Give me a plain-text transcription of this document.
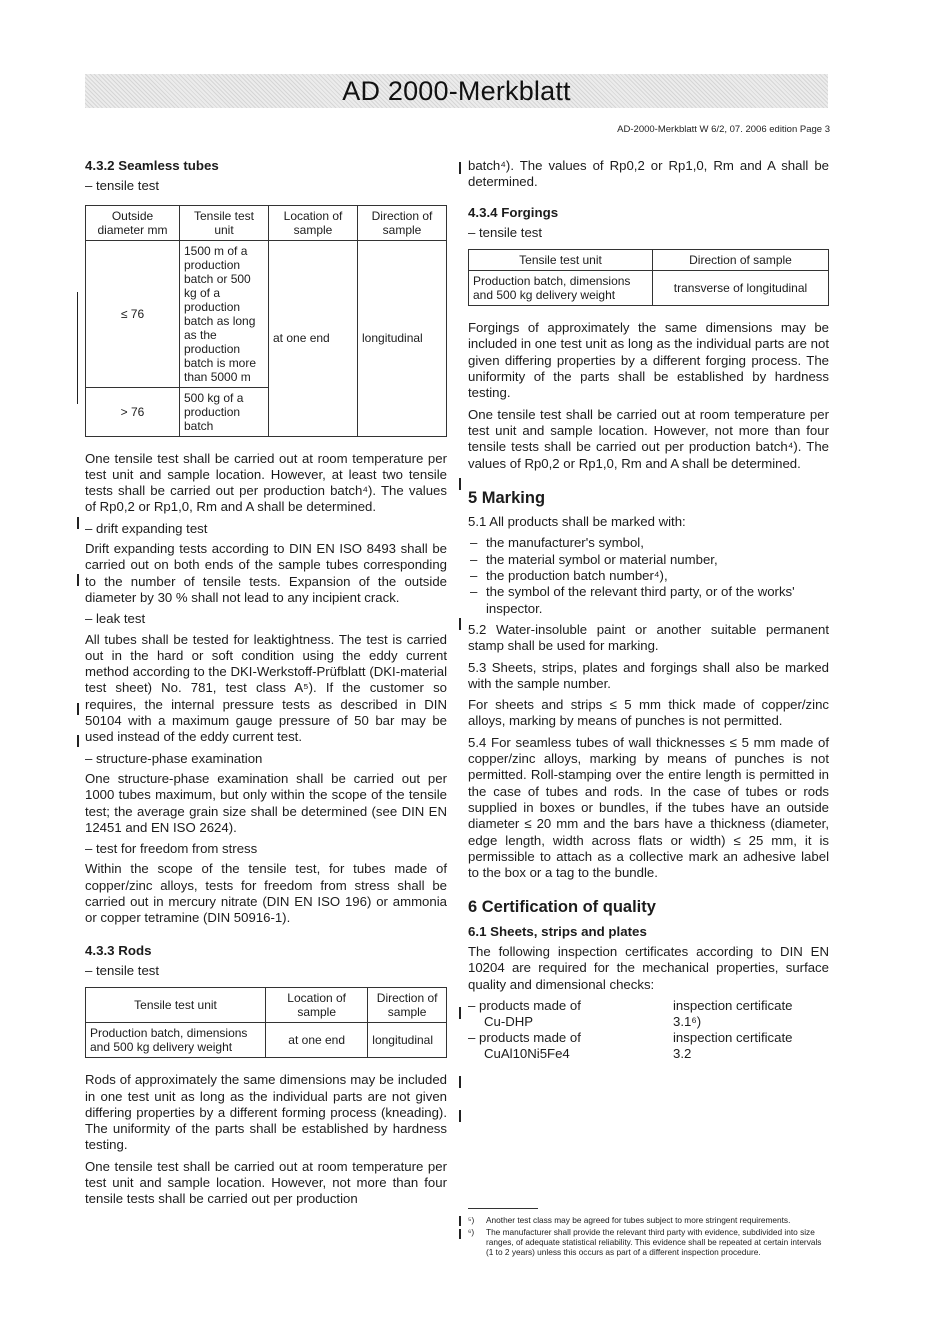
AD 2000-Merkblatt
AD-2000-Merkblatt W 6/2, 07. 2006 edition Page 3
4.3.2 Seamless tubes
– tensile test
Outside diameter mm	Tensile test unit	Location of sample	Direction of sample
≤ 76	1500 m of a production batch or 500 kg of a production batch as long as the production batch is more than 5000 m	at one end	longitudinal
> 76	500 kg of a production batch		

One tensile test shall be carried out at room temperature per test unit and sample location. However, at least two tensile tests shall be carried out per production batch⁴). The values of Rp0,2 or Rp1,0, Rm and A shall be determined.

– drift expanding test

Drift expanding tests according to DIN EN ISO 8493 shall be carried out on both ends of the sample tubes corresponding to the number of tensile tests. Expansion of the outside diameter by 30 % shall not lead to any incipient crack.

– leak test

All tubes shall be tested for leaktightness. The test is carried out in the hard or soft condition using the eddy current method according to the DKI-Werkstoff-Prüfblatt (DKI-material test sheet) No. 781, test class A⁵). If the customer so requires, the internal pressure tests as described in DIN 50104 with a maximum gauge pressure of 50 bar may be used instead of the eddy current test.

– structure-phase examination

One structure-phase examination shall be carried out per 1000 tubes maximum, but only within the scope of the tensile test; the average grain size shall be determined (see DIN EN 12451 and EN ISO 2624).

– test for freedom from stress

Within the scope of the tensile test, for tubes made of copper/zinc alloys, tests for freedom from stress shall be carried out in mercury nitrate (DIN EN ISO 196) or ammonia or copper tetramine (DIN 50916-1).

4.3.3 Rods
– tensile test
Tensile test unit	Location of sample	Direction of sample
Production batch, dimensions and 500 kg delivery weight	at one end	longitudinal

Rods of approximately the same dimensions may be included in one test unit as long as the individual parts are not given differing properties by a different forming process (kneading). The uniformity of the parts shall be established by hardness testing.

One tensile test shall be carried out at room temperature per test unit and sample location. However, not more than four tensile tests shall be carried out per production

batch⁴). The values of Rp0,2 or Rp1,0, Rm and A shall be determined.

4.3.4 Forgings
– tensile test
Tensile test unit	Direction of sample
Production batch, dimensions and 500 kg delivery weight	transverse of longitudinal

Forgings of approximately the same dimensions may be included in one test unit as long as the individual parts are not given differing properties by a different forging process. The uniformity of the parts shall be established by hardness testing.

One tensile test shall be carried out at room temperature per test unit and sample location. However, not more than four tensile tests shall be carried out per production batch⁴). The values of Rp0,2 or Rp1,0, Rm and A shall be determined.

5 Marking

5.1 All products shall be marked with:

– the manufacturer's symbol,
– the material symbol or material number,
– the production batch number⁴),
– the symbol of the relevant third party, or of the works' inspector.

5.2 Water-insoluble paint or another suitable permanent stamp shall be used for marking.

5.3 Sheets, strips, plates and forgings shall also be marked with the sample number.

For sheets and strips ≤ 5 mm thick made of copper/zinc alloys, marking by means of punches is not permitted.

5.4 For seamless tubes of wall thicknesses ≤ 5 mm made of copper/zinc alloys, marking by means of punches is not permitted. Roll-stamping over the entire length is permitted in the case of tubes and rods. In the case of tubes or rods supplied in boxes or bundles, if the tubes have an outside diameter ≤ 20 mm and the bars have a thickness (diameter, edge length, width across flats or width) ≤ 25 mm, it is permissible to attach as a collective mark an adhesive label to the box or a tag to the bundle.

6 Certification of quality
6.1 Sheets, strips and plates

The following inspection certificates according to DIN EN 10204 are required for the mechanical properties, surface quality and dimensional checks:

– products made of	inspection certificate
Cu-DHP	3.1⁶)
– products made of	inspection certificate
CuAl10Ni5Fe4	3.2
⁵)	Another test class may be agreed for tubes subject to more stringent requirements.
⁶)	The manufacturer shall provide the relevant third party with evidence, subdivided into size ranges, of adequate statistical reliability. This evidence shall be repeated at certain intervals (1 to 2 years) unless this occurs as part of a different inspection procedure.
